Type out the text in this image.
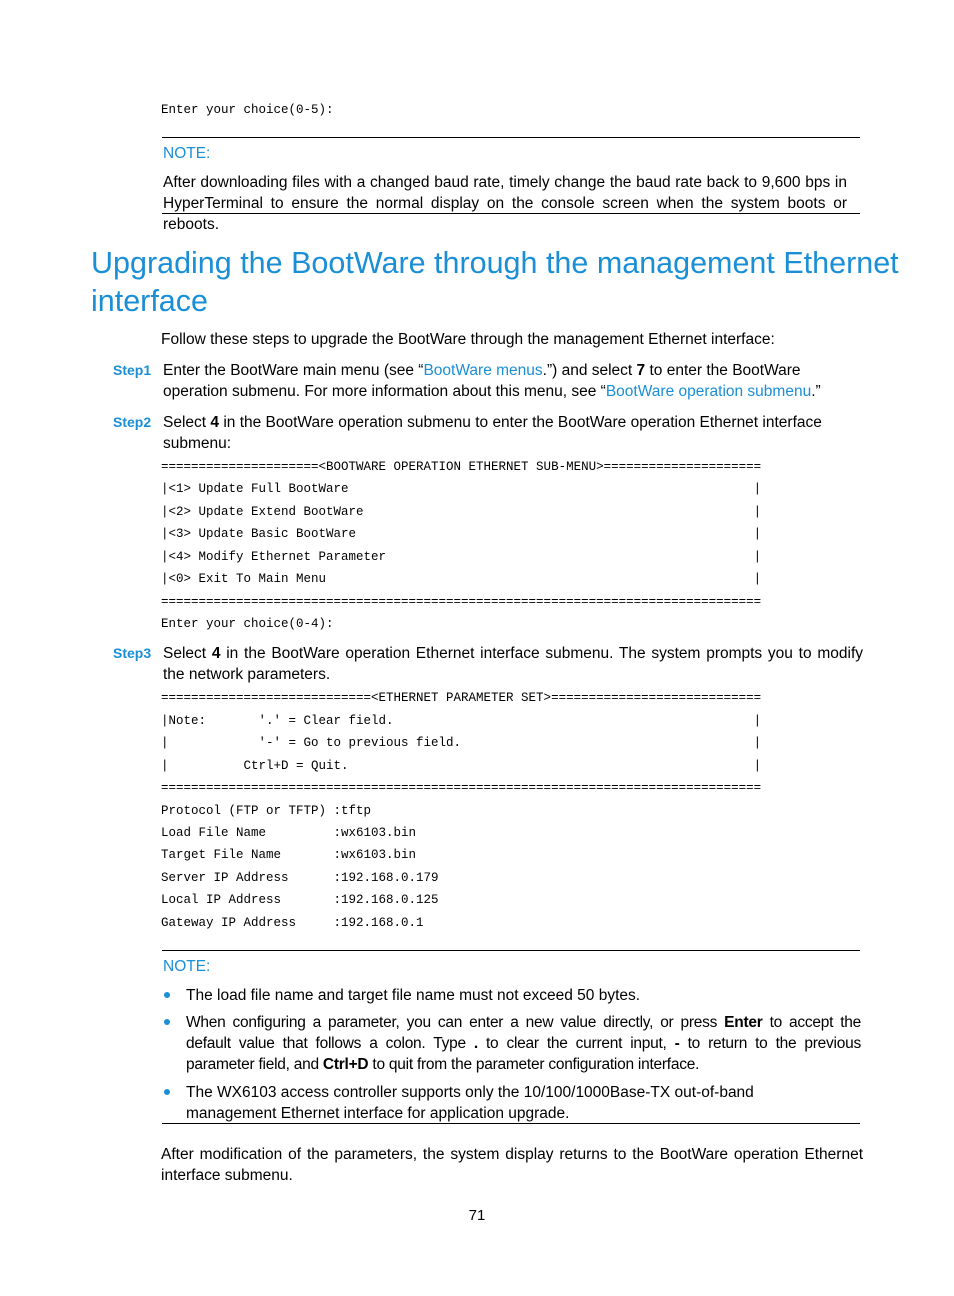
Enter your choice(0-5):
NOTE:
After downloading files with a changed baud rate, timely change the baud rate back to 9,600 bps in HyperTerminal to ensure the normal display on the console screen when the system boots or reboots.
Upgrading the BootWare through the management Ethernet
interface
Follow these steps to upgrade the BootWare through the management Ethernet interface:
Step1 Enter the BootWare main menu (see “BootWare menus.”) and select 7 to enter the BootWare operation submenu. For more information about this menu, see “BootWare operation submenu.”
Step2 Select 4 in the BootWare operation submenu to enter the BootWare operation Ethernet interface submenu:
=====================<BOOTWARE OPERATION ETHERNET SUB-MENU>=====================
|<1> Update Full BootWare                                                      |
|<2> Update Extend BootWare                                                    |
|<3> Update Basic BootWare                                                     |
|<4> Modify Ethernet Parameter                                                 |
|<0> Exit To Main Menu                                                         |
================================================================================
Enter your choice(0-4):
Step3 Select 4 in the BootWare operation Ethernet interface submenu. The system prompts you to modify the network parameters.
============================<ETHERNET PARAMETER SET>============================
|Note:       '.' = Clear field.                                                |
|            '-' = Go to previous field.                                       |
|          Ctrl+D = Quit.                                                      |
================================================================================
Protocol (FTP or TFTP) :tftp
Load File Name         :wx6103.bin
Target File Name       :wx6103.bin
Server IP Address      :192.168.0.179
Local IP Address       :192.168.0.125
Gateway IP Address     :192.168.0.1
NOTE:
The load file name and target file name must not exceed 50 bytes.
When configuring a parameter, you can enter a new value directly, or press Enter to accept the default value that follows a colon. Type . to clear the current input, - to return to the previous parameter field, and Ctrl+D to quit from the parameter configuration interface.
The WX6103 access controller supports only the 10/100/1000Base-TX out-of-band management Ethernet interface for application upgrade.
After modification of the parameters, the system display returns to the BootWare operation Ethernet interface submenu.
71
